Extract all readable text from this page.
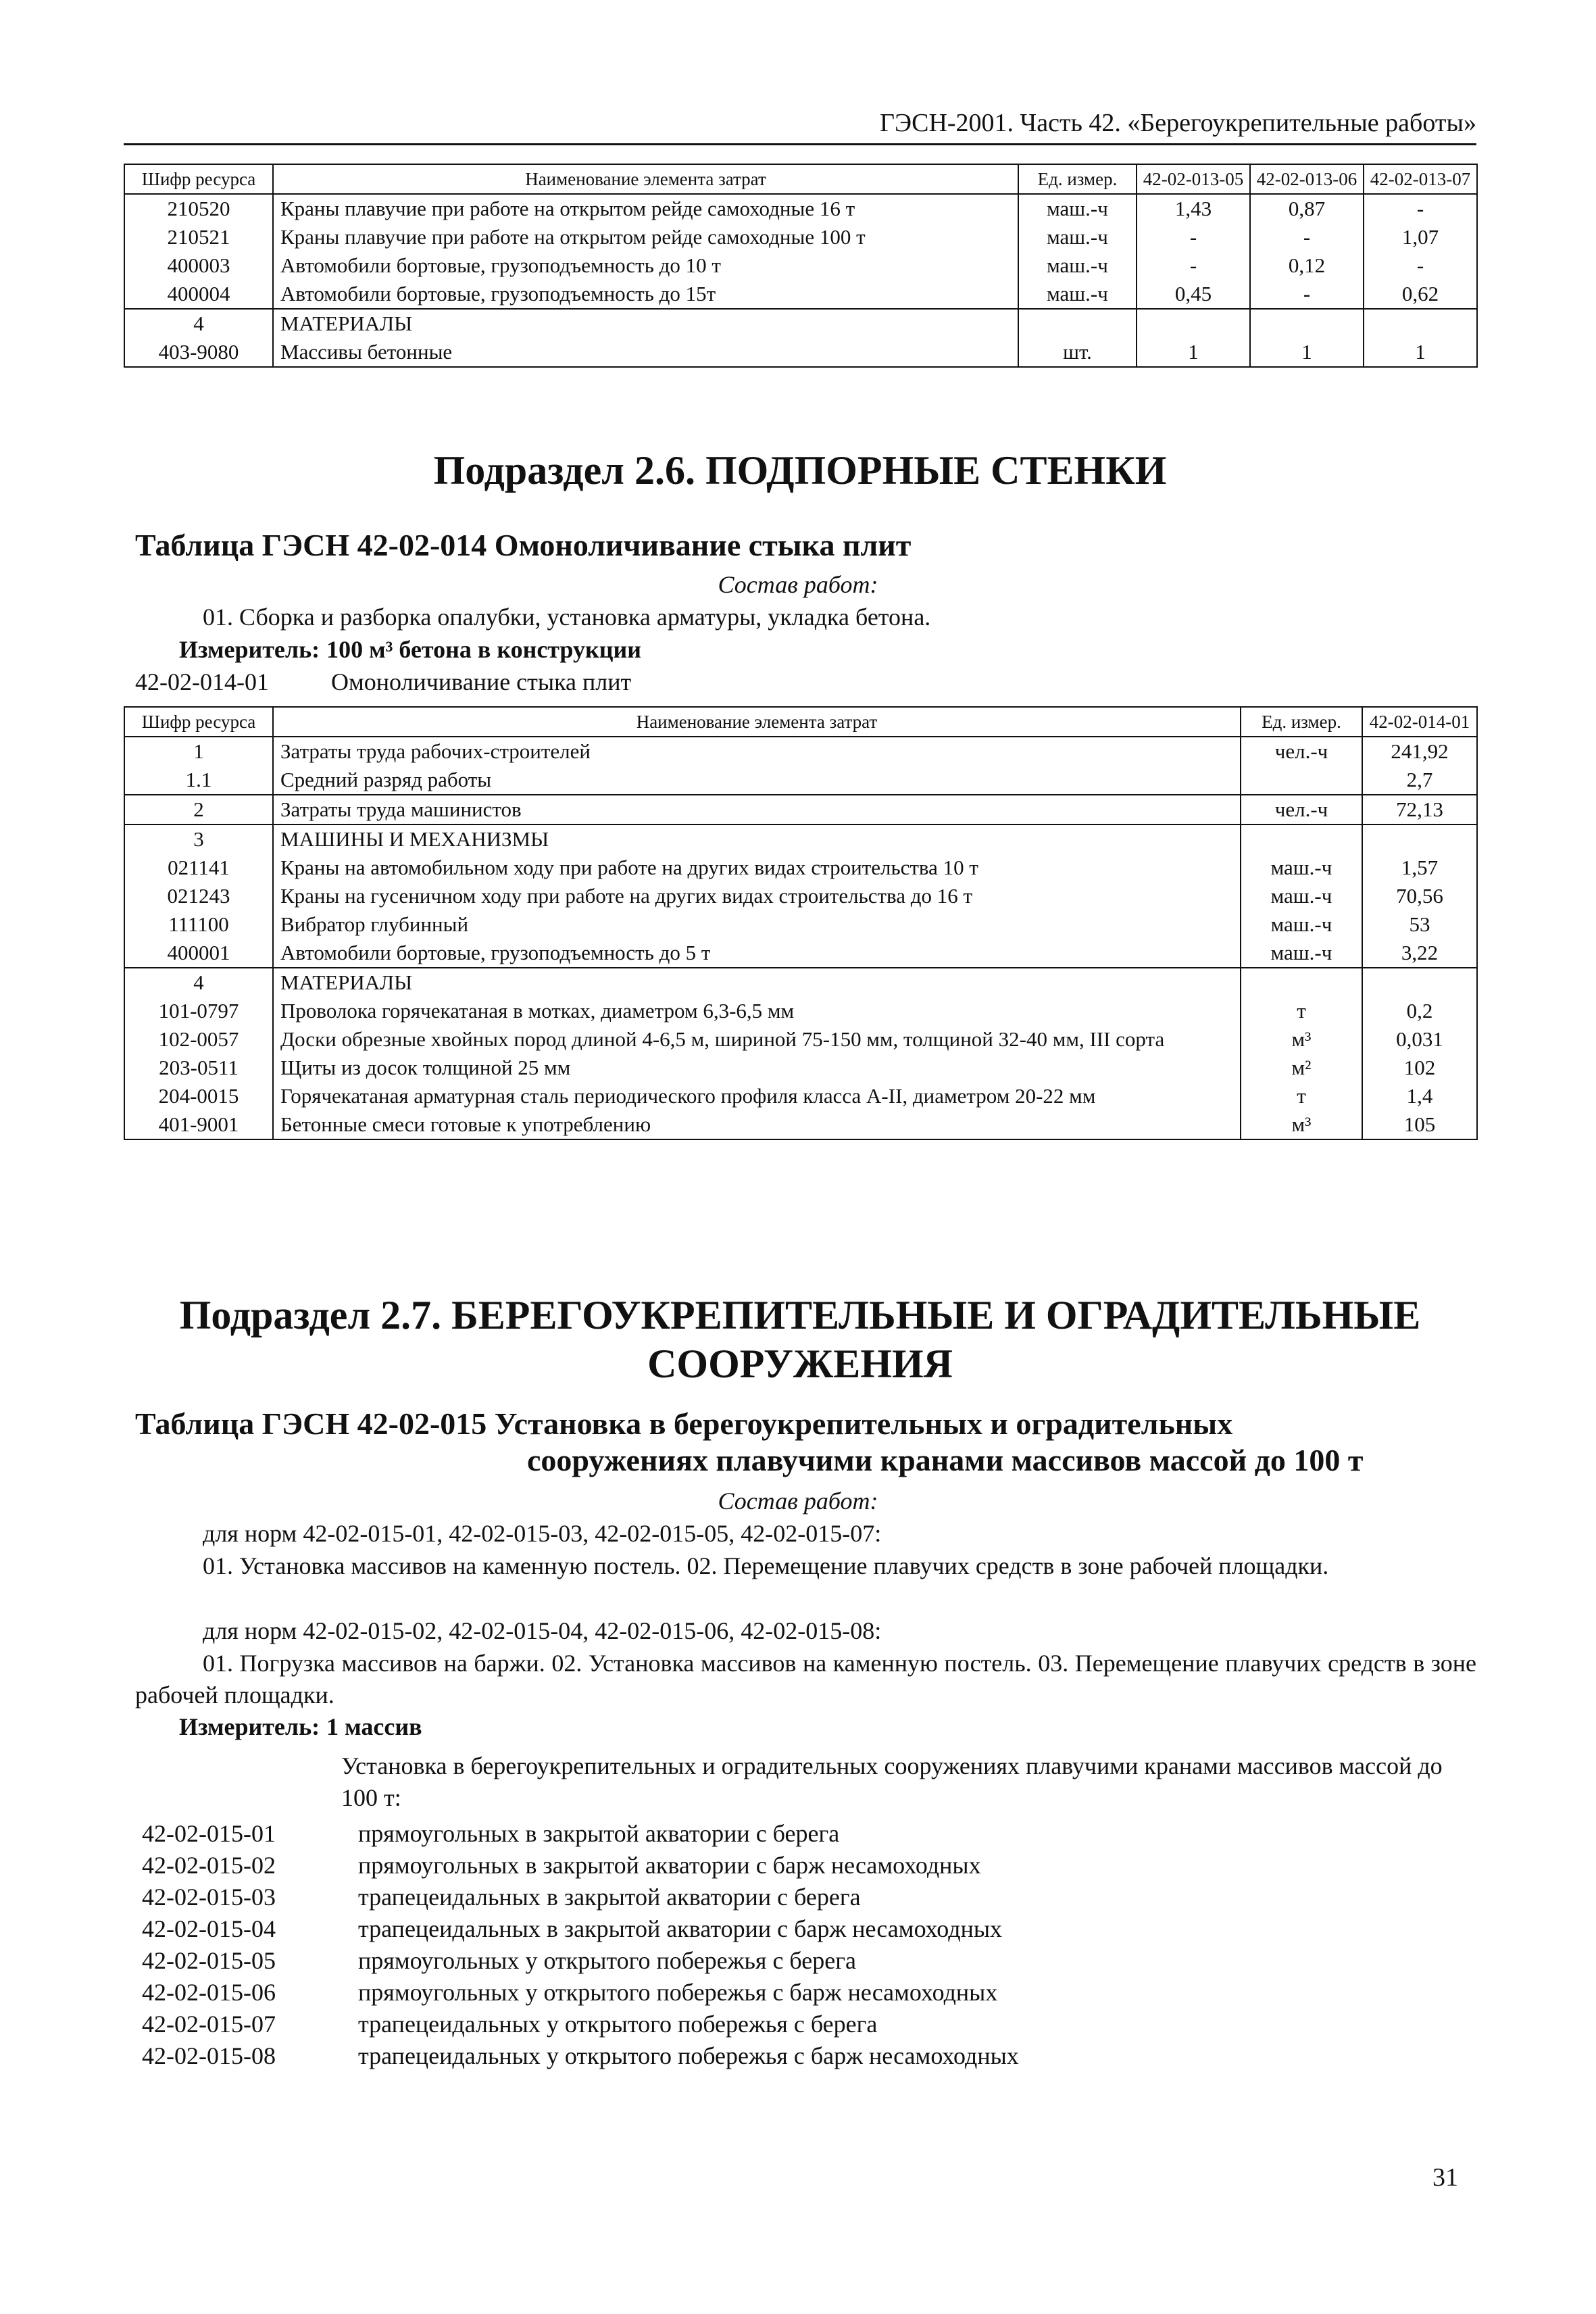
ГЭСН-2001. Часть 42. «Берегоукрепительные работы»
Шифр ресурса	Наименование элемента затрат	Ед. измер.	42-02-013-05	42-02-013-06	42-02-013-07
210520	Краны плавучие при работе на открытом рейде самоходные 16 т	маш.-ч	1,43	0,87	-
210521	Краны плавучие при работе на открытом рейде самоходные 100 т	маш.-ч	-	-	1,07
400003	Автомобили бортовые, грузоподъемность до 10 т	маш.-ч	-	0,12	-
400004	Автомобили бортовые, грузоподъемность до 15т	маш.-ч	0,45	-	0,62
4	МАТЕРИАЛЫ				
403-9080	Массивы бетонные	шт.	1	1	1
Подраздел 2.6. ПОДПОРНЫЕ СТЕНКИ
Таблица ГЭСН 42-02-014 Омоноличивание стыка плит
Состав работ:
01. Сборка и разборка опалубки, установка арматуры, укладка бетона.
Измеритель: 100 м³ бетона в конструкции
42-02-014-01	Омоноличивание стыка плит
Шифр ресурса	Наименование элемента затрат	Ед. измер.	42-02-014-01
1	Затраты труда рабочих-строителей	чел.-ч	241,92
1.1	Средний разряд работы		2,7
2	Затраты труда машинистов	чел.-ч	72,13
3	МАШИНЫ И МЕХАНИЗМЫ		
021141	Краны на автомобильном ходу при работе на других видах строительства 10 т	маш.-ч	1,57
021243	Краны на гусеничном ходу при работе на других видах строительства до 16 т	маш.-ч	70,56
111100	Вибратор глубинный	маш.-ч	53
400001	Автомобили бортовые, грузоподъемность до 5 т	маш.-ч	3,22
4	МАТЕРИАЛЫ		
101-0797	Проволока горячекатаная в мотках, диаметром 6,3-6,5 мм	т	0,2
102-0057	Доски обрезные хвойных пород длиной 4-6,5 м, шириной 75-150 мм, толщиной 32-40 мм, III сорта	м³	0,031
203-0511	Щиты из досок толщиной 25 мм	м²	102
204-0015	Горячекатаная арматурная сталь периодического профиля класса А-II, диаметром 20-22 мм	т	1,4
401-9001	Бетонные смеси готовые к употреблению	м³	105
Подраздел 2.7. БЕРЕГОУКРЕПИТЕЛЬНЫЕ И ОГРАДИТЕЛЬНЫЕ
СООРУЖЕНИЯ
Таблица ГЭСН 42-02-015 Установка в берегоукрепительных и оградительных
сооружениях плавучими кранами массивов массой до 100 т
Состав работ:
для норм 42-02-015-01, 42-02-015-03, 42-02-015-05, 42-02-015-07:
01. Установка массивов на каменную постель. 02. Перемещение плавучих средств в зоне рабочей площадки.
для норм 42-02-015-02, 42-02-015-04, 42-02-015-06, 42-02-015-08:
01. Погрузка массивов на баржи. 02. Установка массивов на каменную постель. 03. Перемещение плавучих средств в зоне рабочей площадки.
Измеритель: 1 массив
Установка в берегоукрепительных и оградительных сооружениях плавучими кранами массивов массой до 100 т:
42-02-015-01	прямоугольных в закрытой акватории с берега
42-02-015-02	прямоугольных в закрытой акватории с барж несамоходных
42-02-015-03	трапецеидальных в закрытой акватории с берега
42-02-015-04	трапецеидальных в закрытой акватории с барж несамоходных
42-02-015-05	прямоугольных у открытого побережья с берега
42-02-015-06	прямоугольных у открытого побережья с барж несамоходных
42-02-015-07	трапецеидальных у открытого побережья с берега
42-02-015-08	трапецеидальных у открытого побережья с барж несамоходных
31
